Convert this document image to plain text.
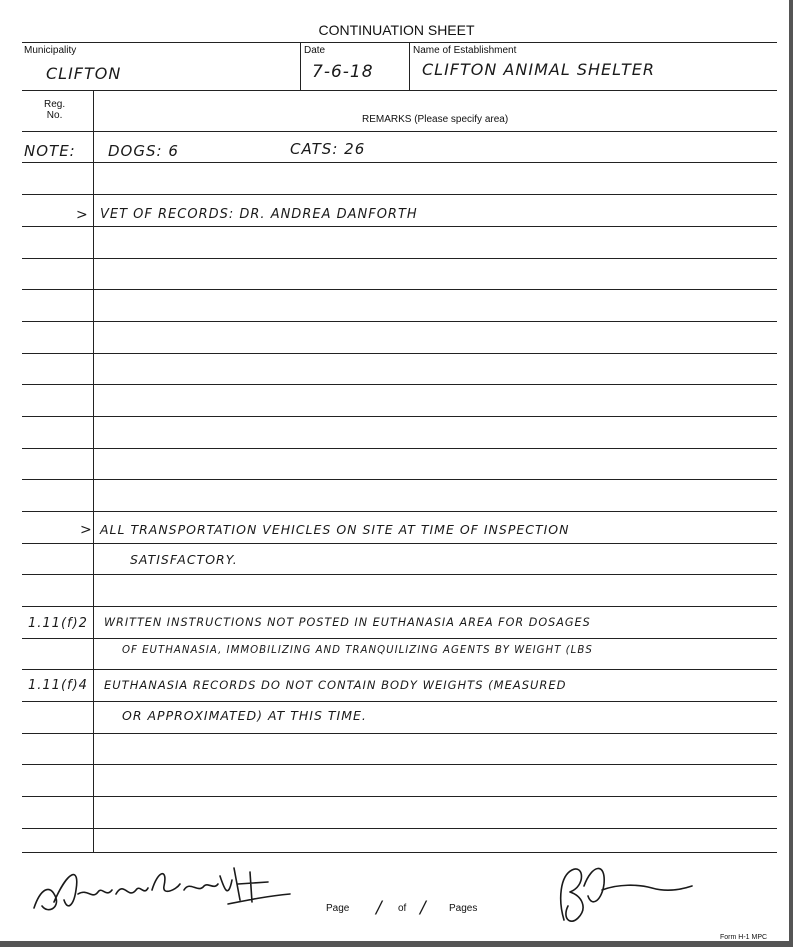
CONTINUATION SHEET
Municipality	Date	Name of Establishment
CLIFTON	7-6-18	CLIFTON ANIMAL SHELTER
Reg.
No.	REMARKS (Please specify area)
NOTE: DOGS: 6	CATS: 26
> VET OF RECORDS: DR. ANDREA DANFORTH
> ALL TRANSPORTATION VEHICLES ON SITE AT TIME OF INSPECTION
SATISFACTORY.
1.11(f)2 WRITTEN INSTRUCTIONS NOT POSTED IN EUTHANASIA AREA FOR DOSAGES
OF EUTHANASIA, IMMOBILIZING AND TRANQUILIZING AGENTS BY WEIGHT (LBS
1.11(f)4 EUTHANASIA RECORDS DO NOT CONTAIN BODY WEIGHTS (MEASURED
OR APPROXIMATED) AT THIS TIME.
Page / of / Pages
Form H-1 MPC
